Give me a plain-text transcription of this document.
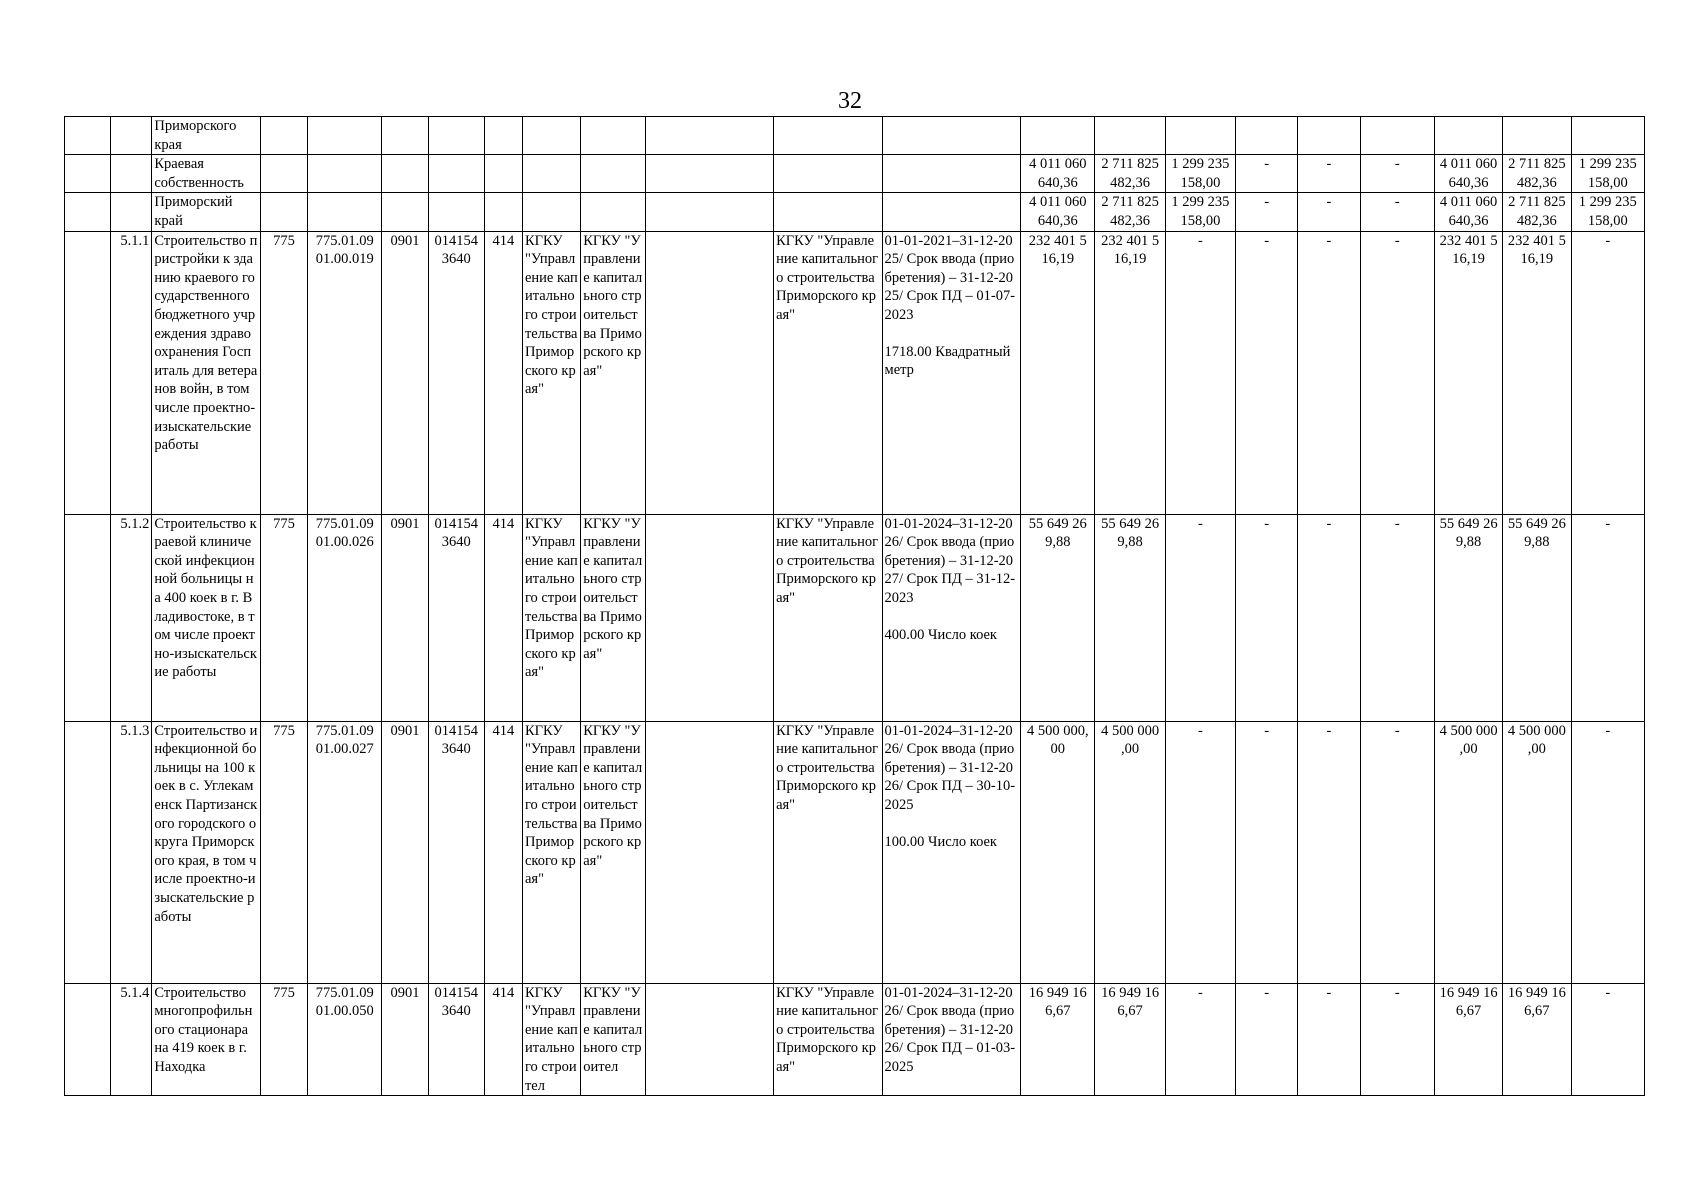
32
		Приморского
края																			
		Краевая
собственность											4 011 060
640,36	2 711 825
482,36	1 299 235
158,00	-	-	-	4 011 060
640,36	2 711 825
482,36	1 299 235
158,00
		Приморский
край											4 011 060
640,36	2 711 825
482,36	1 299 235
158,00	-	-	-	4 011 060
640,36	2 711 825
482,36	1 299 235
158,00
	5.1.1	Строительство пристройки к зданию краевого государственного бюджетного учреждения здравоохранения Госпиталь для ветеранов войн, в том числе проектно-изыскательские работы	775	775.01.09
01.00.019	0901	014154
3640	414	КГКУ "Управление капитального строительства Приморского края"	КГКУ "Управление капитального строительства Приморского края"		КГКУ "Управление капитального строительства Приморского края"	01-01-2021–31-12-2025/ Срок ввода (приобретения) – 31-12-2025/ Срок ПД – 01-07-2023
1718.00 Квадратный метр	232 401 5
16,19	232 401 5
16,19	-	-	-	-	232 401 5
16,19	232 401 5
16,19	-
	5.1.2	Строительство краевой клинической инфекционной больницы на 400 коек в г. Владивостоке, в том числе проектно-изыскательские работы	775	775.01.09
01.00.026	0901	014154
3640	414	КГКУ "Управление капитального строительства Приморского края"	КГКУ "Управление капитального строительства Приморского края"		КГКУ "Управление капитального строительства Приморского края"	01-01-2024–31-12-2026/ Срок ввода (приобретения) – 31-12-2027/ Срок ПД – 31-12-2023
400.00 Число коек	55 649 26
9,88	55 649 26
9,88	-	-	-	-	55 649 26
9,88	55 649 26
9,88	-
	5.1.3	Строительство инфекционной больницы на 100 коек в с. Углекаменск Партизанского городского округа Приморского края, в том числе проектно-изыскательские работы	775	775.01.09
01.00.027	0901	014154
3640	414	КГКУ "Управление капитального строительства Приморского края"	КГКУ "Управление капитального строительства Приморского края"		КГКУ "Управление капитального строительства Приморского края"	01-01-2024–31-12-2026/ Срок ввода (приобретения) – 31-12-2026/ Срок ПД – 30-10-2025
100.00 Число коек	4 500 000,
00	4 500 000
,00	-	-	-	-	4 500 000
,00	4 500 000
,00	-
	5.1.4	Строительство многопрофильного стационара на 419 коек в г. Находка	775	775.01.09
01.00.050	0901	014154
3640	414	КГКУ "Управление капитального строител	КГКУ "Управление капитального строител		КГКУ "Управление капитального строительства Приморского края"	01-01-2024–31-12-2026/ Срок ввода (приобретения) – 31-12-2026/ Срок ПД – 01-03-2025	16 949 16
6,67	16 949 16
6,67	-	-	-	-	16 949 16
6,67	16 949 16
6,67	-
